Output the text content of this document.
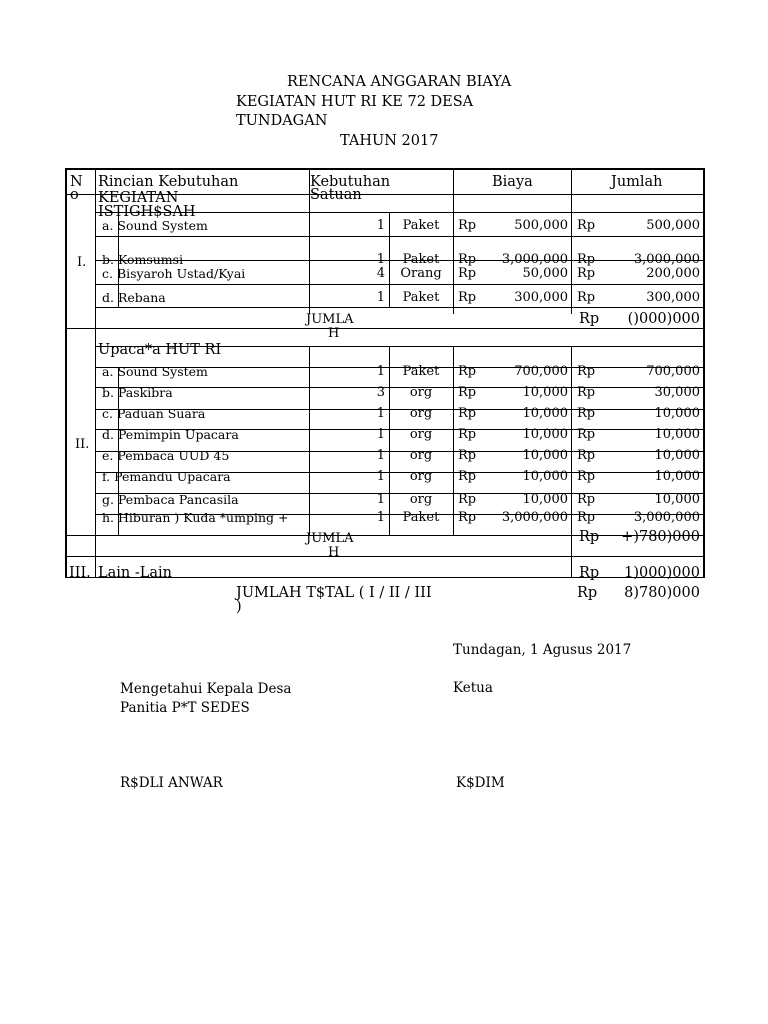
RENCANA ANGGARAN BIAYA
KEGIATAN HUT RI KE 72 DESA
TUNDAGAN
TAHUN 2017
N
o
Rincian Kebutuhan	Kebutuhan
Satuan
Biaya	Jumlah
KEGIATAN
ISTIGH$SAH
I.
a. Sound System	1	Paket	Rp	500,000 Rp	500,000
b. Komsumsi	1	Paket	Rp	3,000,000 Rp	3,000,000
c. Bisyaroh Ustad/Kyai	4	Orang	Rp	50,000 Rp	200,000
d. Rebana	1	Paket	Rp	300,000 Rp	300,000
JUMLA
H
Rp	()000)000
Upaca*a HUT RI
II.
a. Sound System	1	Paket	Rp	700,000 Rp	700,000
b. Paskibra	3	org	Rp	10,000 Rp	30,000
c. Paduan Suara	1	org	Rp	10,000 Rp	10,000
d. Pemimpin Upacara	1	org	Rp	10,000 Rp	10,000
e. Pembaca UUD 45	1	org	Rp	10,000 Rp	10,000
f. Pemandu Upacara	1	org	Rp	10,000 Rp	10,000
g. Pembaca Pancasila	1	org	Rp	10,000 Rp	10,000
h. Hiburan ) Kuda *umping +	1	Paket	Rp	3,000,000 Rp	3,000,000
JUMLA
H
Rp	+)780)000
III. Lain -Lain	Rp	1)000)000
JUMLAH T$TAL ( I / II / III
)
Rp	8)780)000
Tundagan, 1 Agusus 2017
Mengetahui Kepala Desa
Panitia P*T SEDES
Ketua
R$DLI ANWAR	K$DIM
